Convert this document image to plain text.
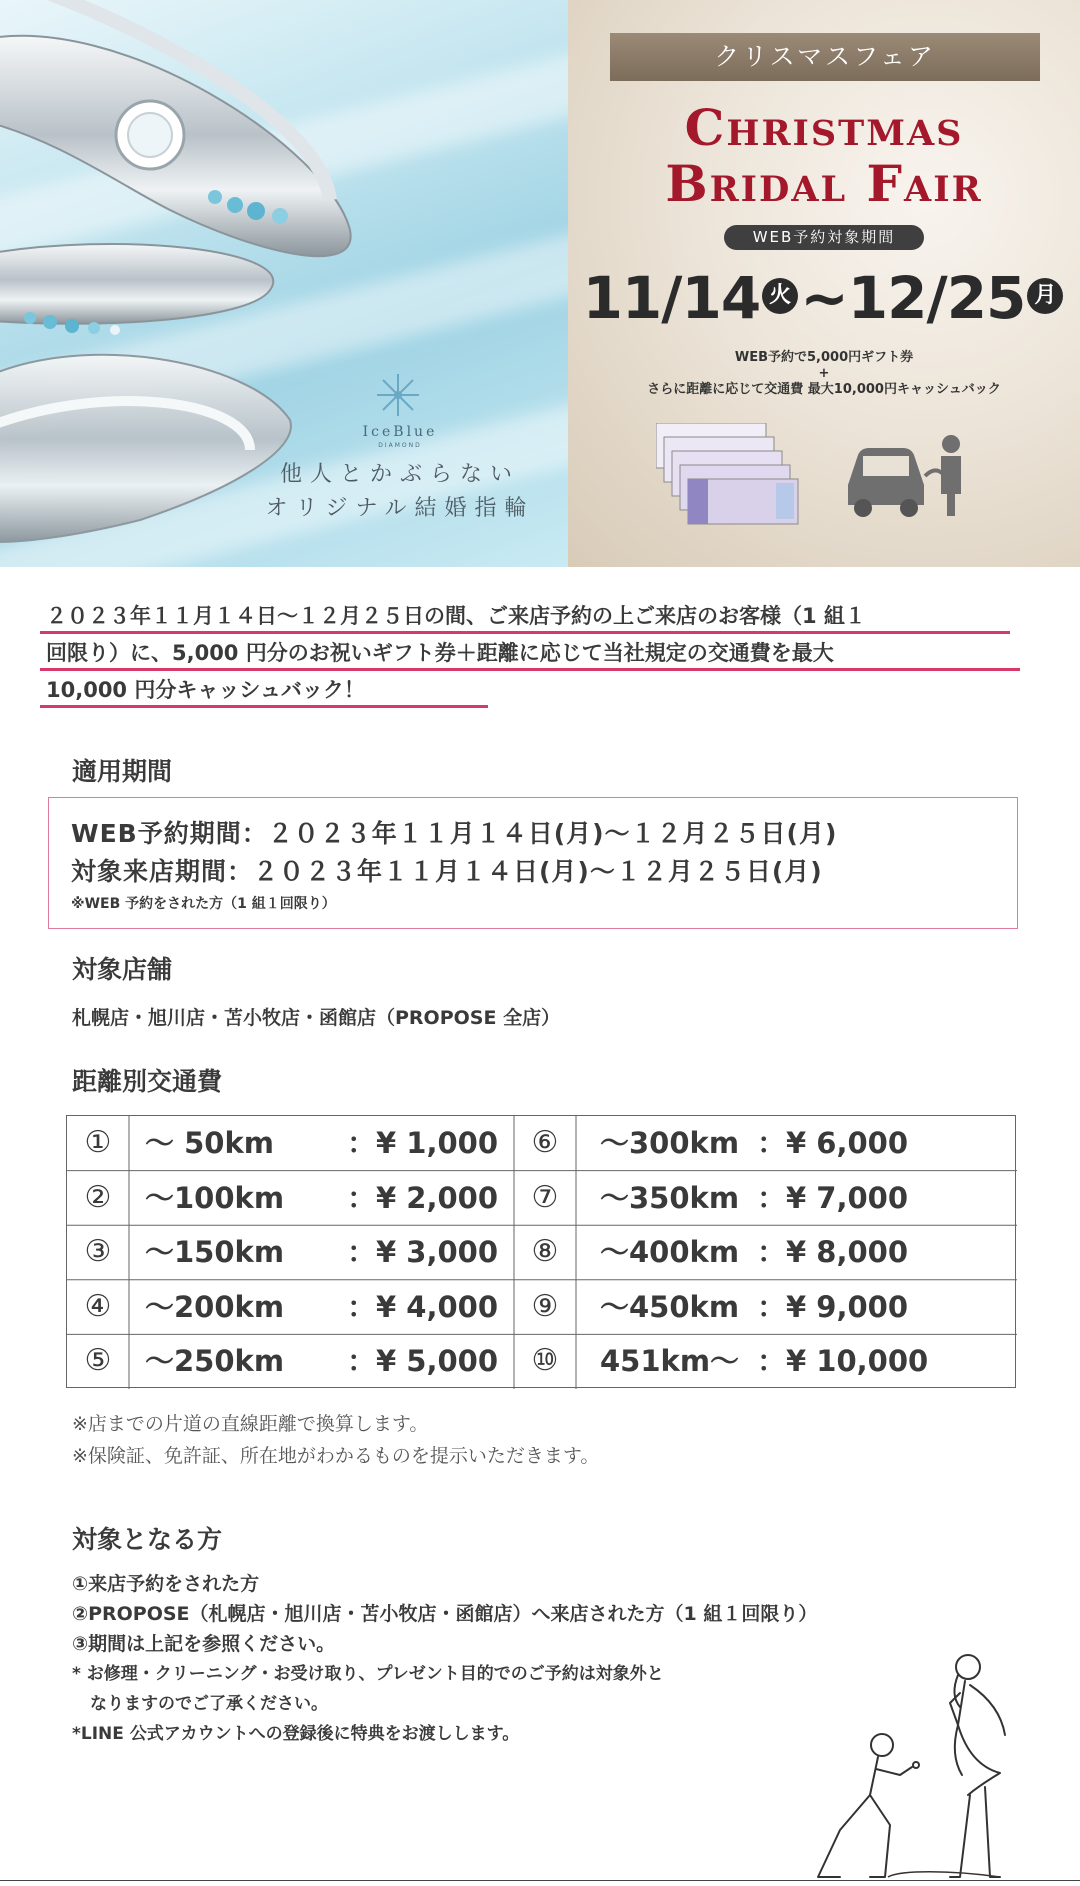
IceBlue
DIAMOND
他人とかぶらない
オリジナル結婚指輪
クリスマスフェア
Christmas
Bridal Fair
WEB予約対象期間
11/14 火 ~12/25 月
WEB予約で5,000円ギフト券
+
さらに距離に応じて交通費 最大10,000円キャッシュバック
２０２３年１１月１４日～１２月２５日の間、ご来店予約の上ご来店のお客様（1 組１
回限り）に、5,000 円分のお祝いギフト券＋距離に応じて当社規定の交通費を最大
10,000 円分キャッシュバック！
適用期間
WEB予約期間：２０２３年１１月１４日(月)～１２月２５日(月)
対象来店期間：２０２３年１１月１４日(月)～１２月２５日(月)
※WEB 予約をされた方（1 組１回限り）
対象店舗
札幌店・旭川店・苫小牧店・函館店（PROPOSE 全店）
距離別交通費
①	～ 50km	：¥ 1,000
②	～100km ：¥ 2,000
③	～150km ：¥ 3,000
④	～200km ：¥ 4,000
⑤	～250km ：¥ 5,000
⑥	～300km ：¥ 6,000
⑦	～350km ：¥ 7,000
⑧	～400km ：¥ 8,000
⑨	～450km ：¥ 9,000
⑩	451km～ ：¥ 10,000
※店までの片道の直線距離で換算します。
※保険証、免許証、所在地がわかるものを提示いただきます。
対象となる方
①来店予約をされた方
②PROPOSE（札幌店・旭川店・苫小牧店・函館店）へ来店された方（1 組１回限り）
③期間は上記を参照ください。
* お修理・クリーニング・お受け取り、プレゼント目的でのご予約は対象外と
なりますのでご了承ください。
*LINE 公式アカウントへの登録後に特典をお渡しします。
